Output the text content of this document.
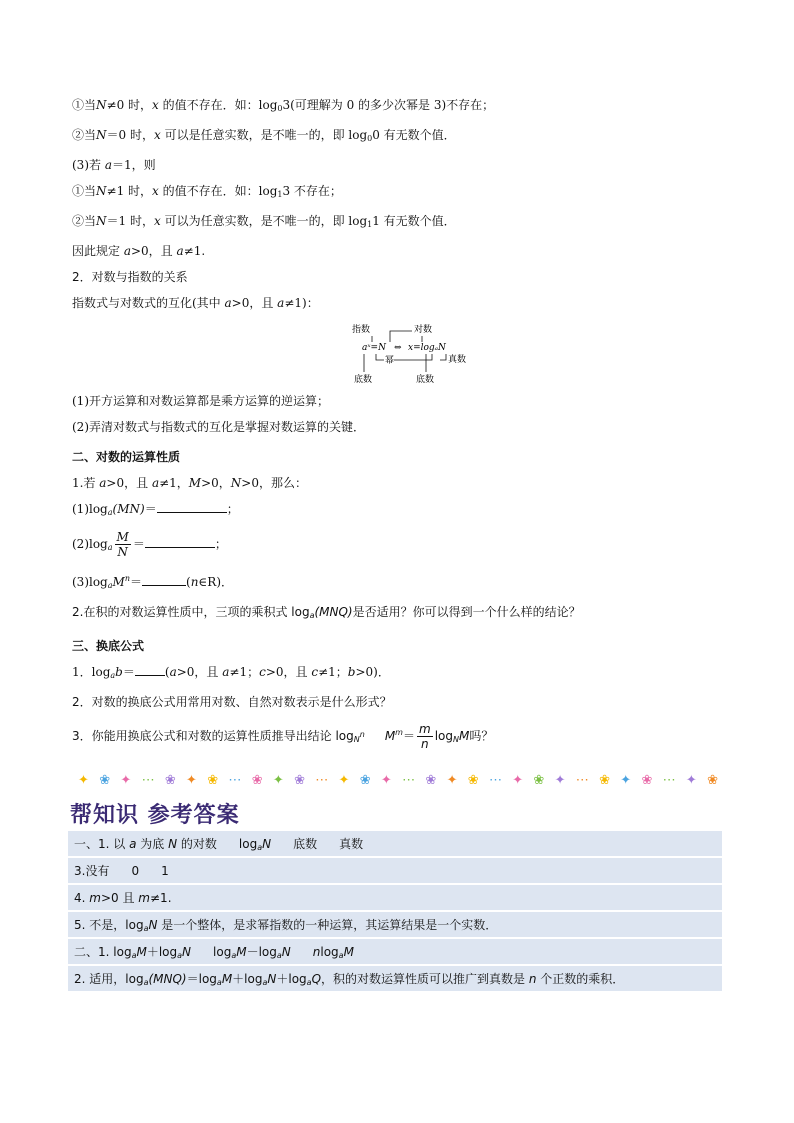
①当N≠0 时，x 的值不存在．如：$\log_03$(可理解为 0 的多少次幂是 3)不存在；
②当N＝0 时，x 可以是任意实数，是不唯一的，即 $\log_00$ 有无数个值．
(3)若 a＝1，则
①当N≠1 时，x 的值不存在．如：$\log_13$ 不存在；
②当N＝1 时，x 可以为任意实数，是不唯一的，即 $\log_11$ 有无数个值．
因此规定 a>0，且 a≠1.
2．对数与指数的关系
指数式与对数式的互化(其中 a>0，且 a≠1)：
指数	对数
aˣ=N ⇔ x=logₐN
幂	真数
底数	底数
(1)开方运算和对数运算都是乘方运算的逆运算；
(2)弄清对数式与指数式的互化是掌握对数运算的关键．
二、对数的运算性质
1.若 a>0，且 a≠1，M>0，N>0，那么：
$(1)\log_a(MN)=$	；
$(2)\log_a \frac{M}{N}$ ＝	；
$(3)\log_aM^n=$	(n∈R)．
2.在积的对数运算性质中，三项的乘积式 $\log_a(MNQ)$是否适用？你可以得到一个什么样的结论？
三、换底公式
1．$\log_ab=$	(a>0，且 a≠1；c>0，且 c≠1；b>0)．
2．对数的换底公式用常用对数、自然对数表示是什么形式？
3．你能用换底公式和对数的运算性质推导出结论 $\log_{N^n} M^m= \frac{m}{n} \log_NM$吗？
✦ ❀ ✦ ⋯ ❀ ✦ ❀ ⋯ ❀ ✦ ❀ ⋯ ✦ ❀ ✦ ⋯ ❀ ✦ ❀ ⋯ ✦ ❀ ✦ ⋯ ❀ ✦ ❀ ⋯ ✦ ❀
帮知识 参考答案
一、1. 以 a 为底 N 的对数 $\log_aN$ 底数 真数
3.没有 0 1
4. m>0 且 m≠1.
5. 不是，$\log_aN$ 是一个整体，是求幂指数的一种运算，其运算结果是一个实数．
二、1. $\log_aM+\log_aN$ $\log_aM-\log_aN$ nlog$_a$M
2. 适用，$\log_a(MNQ)=\log_aM+\log_aN+\log_aQ$，积的对数运算性质可以推广到真数是 n 个正数的乘积．
